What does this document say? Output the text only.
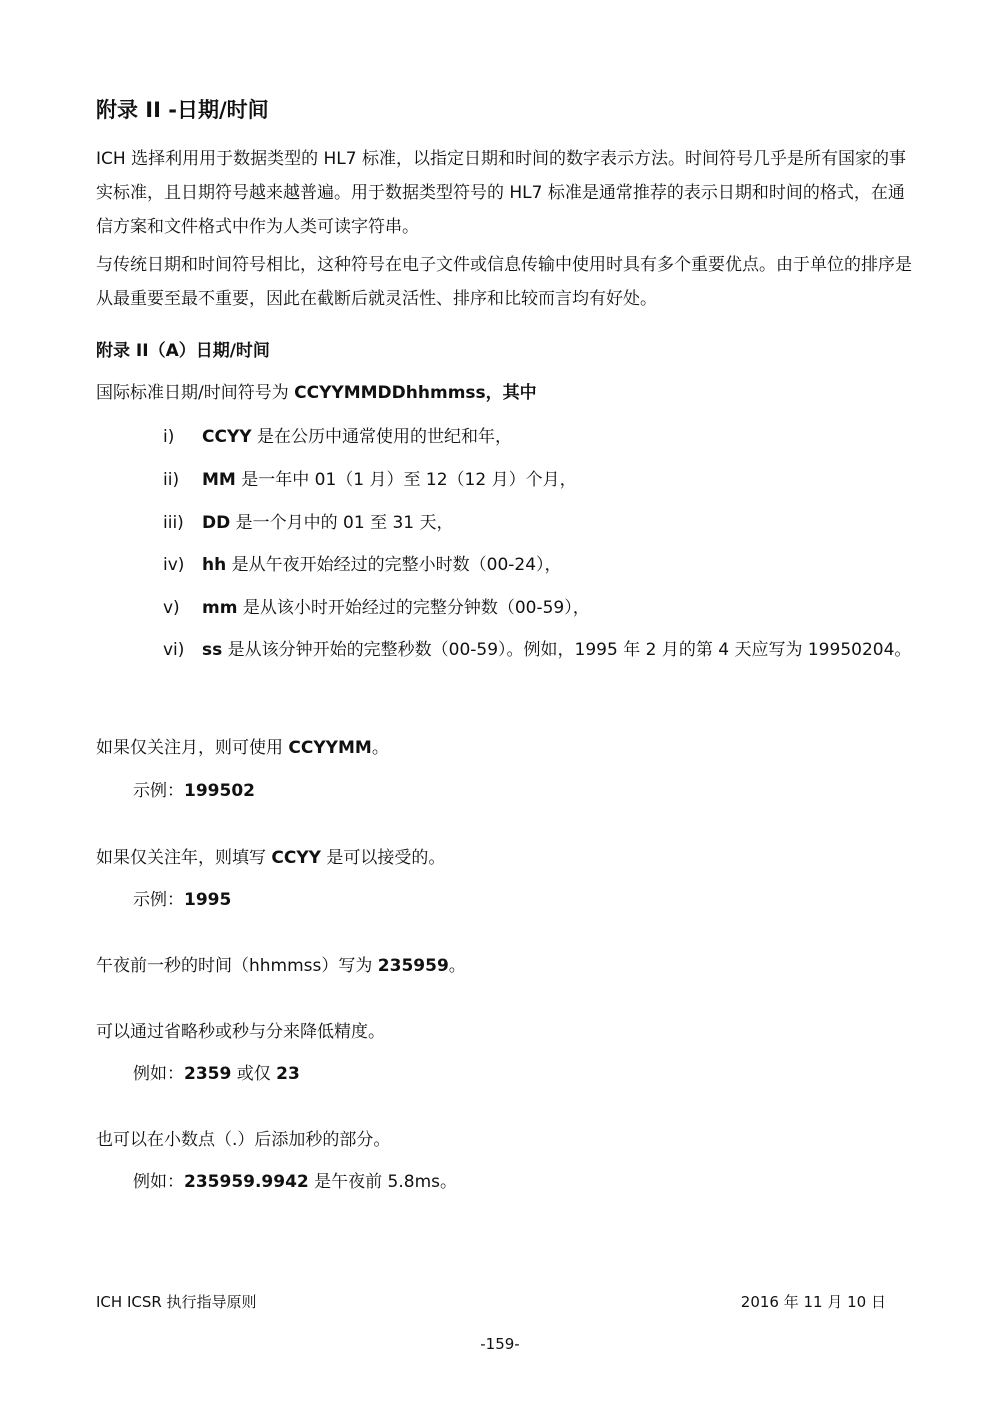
附录 II -日期/时间

ICH 选择利用用于数据类型的 HL7 标准，以指定日期和时间的数字表示方法。时间符号几乎是所有国家的事实标准，且日期符号越来越普遍。用于数据类型符号的 HL7 标准是通常推荐的表示日期和时间的格式，在通信方案和文件格式中作为人类可读字符串。

与传统日期和时间符号相比，这种符号在电子文件或信息传输中使用时具有多个重要优点。由于单位的排序是从最重要至最不重要，因此在截断后就灵活性、排序和比较而言均有好处。

附录 II（A）日期/时间
国际标准日期/时间符号为 CCYYMMDDhhmmss，其中
i) CCYY 是在公历中通常使用的世纪和年，
ii) MM 是一年中 01（1 月）至 12（12 月）个月，
iii) DD 是一个月中的 01 至 31 天，
iv) hh 是从午夜开始经过的完整小时数（00-24），
v) mm 是从该小时开始经过的完整分钟数（00-59），
vi) ss 是从该分钟开始的完整秒数（00-59）。例如，1995 年 2 月的第 4 天应写为 19950204。
如果仅关注月，则可使用 CCYYMM。
示例：199502
如果仅关注年，则填写 CCYY 是可以接受的。
示例：1995
午夜前一秒的时间（hhmmss）写为 235959。
可以通过省略秒或秒与分来降低精度。
例如：2359 或仅 23
也可以在小数点（.）后添加秒的部分。
例如：235959.9942 是午夜前 5.8ms。
ICH ICSR 执行指导原则	2016 年 11 月 10 日
-159-
